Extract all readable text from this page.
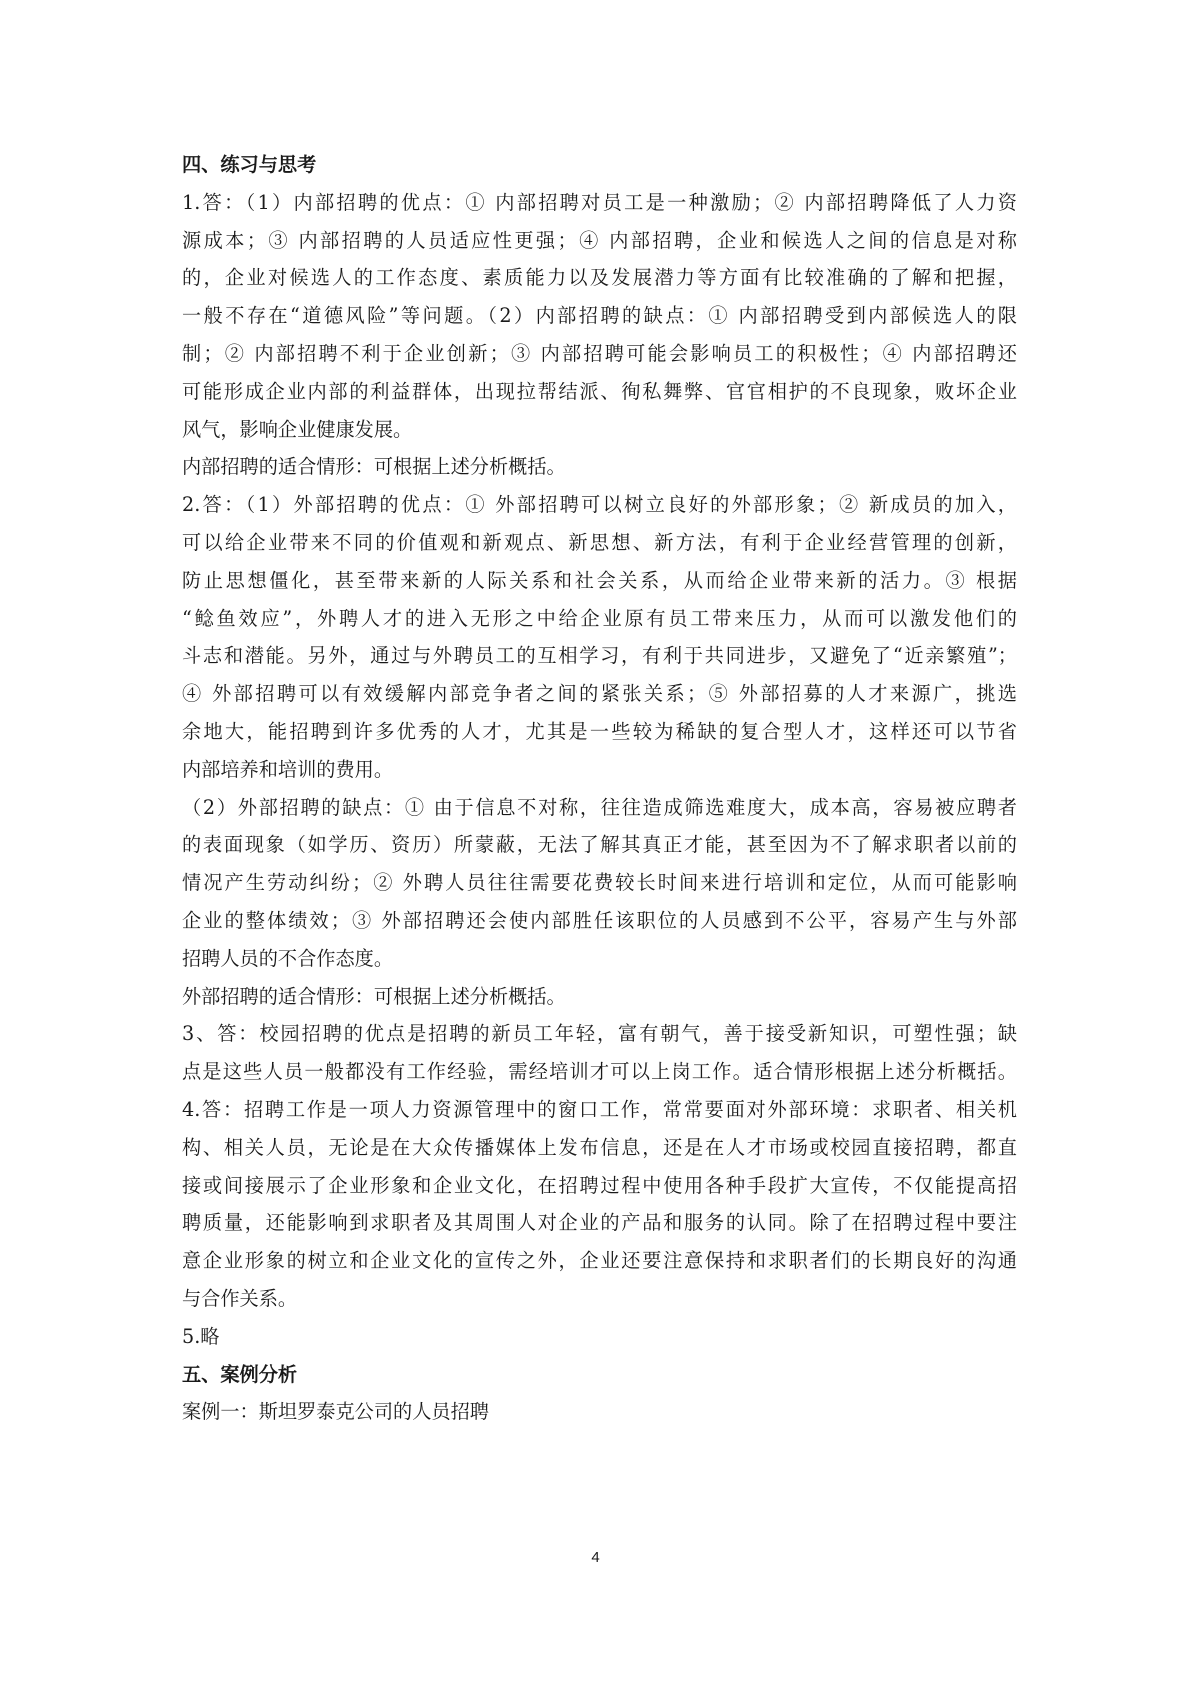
四、练习与思考
1.答：（1）内部招聘的优点：① 内部招聘对员工是一种激励；② 内部招聘降低了人力资
源成本；③ 内部招聘的人员适应性更强；④ 内部招聘，企业和候选人之间的信息是对称
的，企业对候选人的工作态度、素质能力以及发展潜力等方面有比较准确的了解和把握，
一般不存在“道德风险”等问题。（2）内部招聘的缺点：① 内部招聘受到内部候选人的限
制；② 内部招聘不利于企业创新；③ 内部招聘可能会影响员工的积极性；④ 内部招聘还
可能形成企业内部的利益群体，出现拉帮结派、徇私舞弊、官官相护的不良现象，败坏企业
风气，影响企业健康发展。
内部招聘的适合情形：可根据上述分析概括。
2.答：（1）外部招聘的优点：① 外部招聘可以树立良好的外部形象；② 新成员的加入，
可以给企业带来不同的价值观和新观点、新思想、新方法，有利于企业经营管理的创新，
防止思想僵化，甚至带来新的人际关系和社会关系，从而给企业带来新的活力。③ 根据
“鲶鱼效应”，外聘人才的进入无形之中给企业原有员工带来压力，从而可以激发他们的
斗志和潜能。另外，通过与外聘员工的互相学习，有利于共同进步，又避免了“近亲繁殖”；
④ 外部招聘可以有效缓解内部竞争者之间的紧张关系；⑤ 外部招募的人才来源广，挑选
余地大，能招聘到许多优秀的人才，尤其是一些较为稀缺的复合型人才，这样还可以节省
内部培养和培训的费用。
（2）外部招聘的缺点：① 由于信息不对称，往往造成筛选难度大，成本高，容易被应聘者
的表面现象（如学历、资历）所蒙蔽，无法了解其真正才能，甚至因为不了解求职者以前的
情况产生劳动纠纷；② 外聘人员往往需要花费较长时间来进行培训和定位，从而可能影响
企业的整体绩效；③ 外部招聘还会使内部胜任该职位的人员感到不公平，容易产生与外部
招聘人员的不合作态度。
外部招聘的适合情形：可根据上述分析概括。
3、答：校园招聘的优点是招聘的新员工年轻，富有朝气，善于接受新知识，可塑性强；缺
点是这些人员一般都没有工作经验，需经培训才可以上岗工作。适合情形根据上述分析概括。
4.答：招聘工作是一项人力资源管理中的窗口工作，常常要面对外部环境：求职者、相关机
构、相关人员，无论是在大众传播媒体上发布信息，还是在人才市场或校园直接招聘，都直
接或间接展示了企业形象和企业文化，在招聘过程中使用各种手段扩大宣传，不仅能提高招
聘质量，还能影响到求职者及其周围人对企业的产品和服务的认同。除了在招聘过程中要注
意企业形象的树立和企业文化的宣传之外，企业还要注意保持和求职者们的长期良好的沟通
与合作关系。
5.略
五、案例分析
案例一：斯坦罗泰克公司的人员招聘
4
